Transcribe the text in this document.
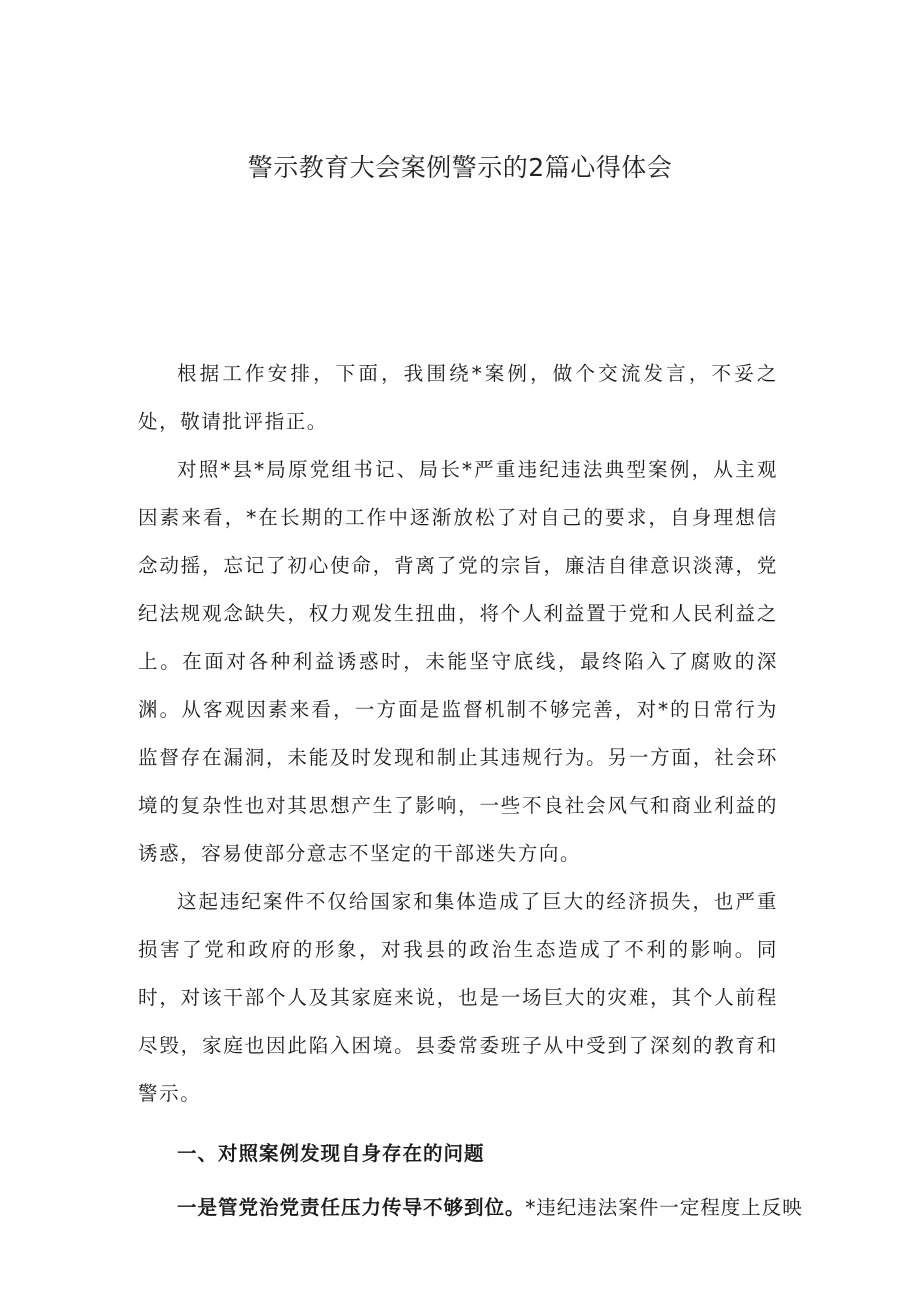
警示教育大会案例警示的2篇心得体会

根据工作安排，下面，我围绕*案例，做个交流发言，不妥之处，敬请批评指正。

对照*县*局原党组书记、局长*严重违纪违法典型案例，从主观因素来看，*在长期的工作中逐渐放松了对自己的要求，自身理想信念动摇，忘记了初心使命，背离了党的宗旨，廉洁自律意识淡薄，党纪法规观念缺失，权力观发生扭曲，将个人利益置于党和人民利益之上。在面对各种利益诱惑时，未能坚守底线，最终陷入了腐败的深渊。从客观因素来看，一方面是监督机制不够完善，对*的日常行为监督存在漏洞，未能及时发现和制止其违规行为。另一方面，社会环境的复杂性也对其思想产生了影响，一些不良社会风气和商业利益的诱惑，容易使部分意志不坚定的干部迷失方向。

这起违纪案件不仅给国家和集体造成了巨大的经济损失，也严重损害了党和政府的形象，对我县的政治生态造成了不利的影响。同时，对该干部个人及其家庭来说，也是一场巨大的灾难，其个人前程尽毁，家庭也因此陷入困境。县委常委班子从中受到了深刻的教育和警示。

一、对照案例发现自身存在的问题

一是管党治党责任压力传导不够到位。*违纪违法案件一定程度上反映
